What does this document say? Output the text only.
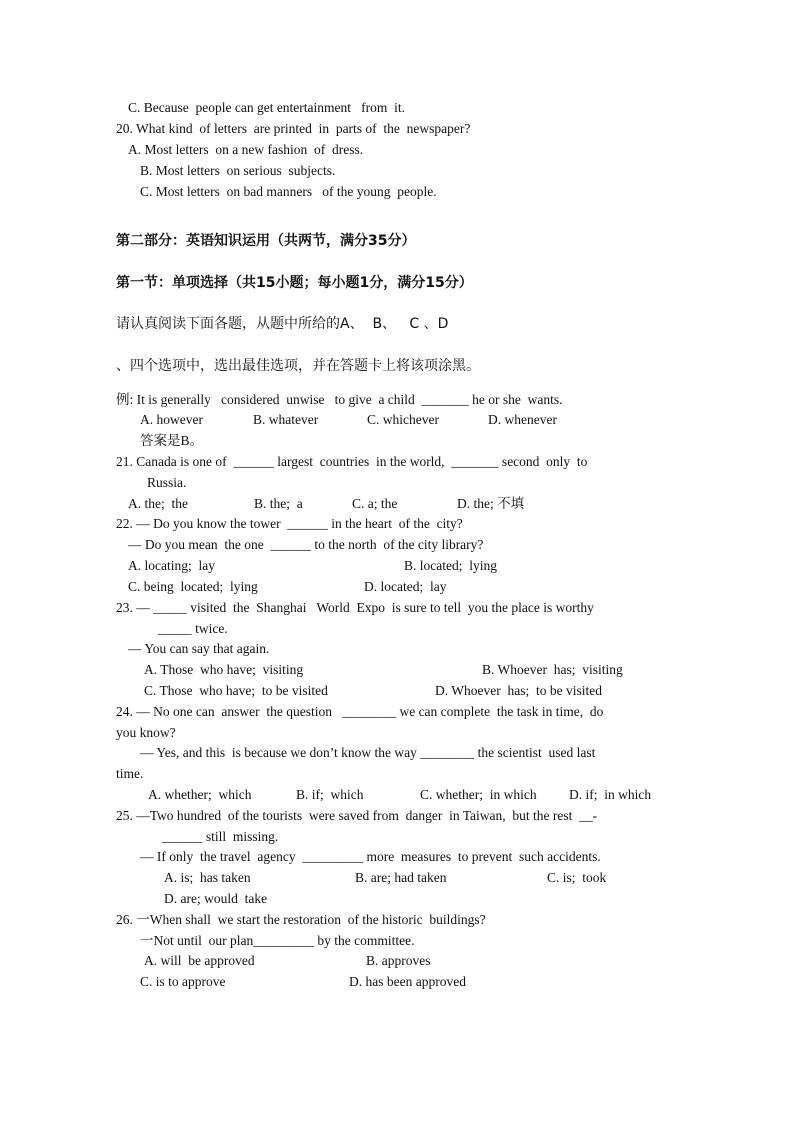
C. Because  people can get entertainment   from  it.
20. What kind  of letters  are printed  in  parts of  the  newspaper?
A. Most letters  on a new fashion  of  dress.
B. Most letters  on serious  subjects.
C. Most letters  on bad manners   of the young  people.
第二部分：英语知识运用（共两节，满分35分）
第一节：单项选择（共15小题；每小题1分，满分15分）
请认真阅读下面各题，从题中所给的A、  B、   C 、D
、四个选项中，选出最佳选项，并在答题卡上将该项涂黑。
例: It is generally   considered  unwise   to give  a child  _______ he or she  wants.
A. however	B. whatever	C. whichever	D. whenever
答案是B。
21. Canada is one of  ______ largest  countries  in the world,  _______ second  only  to
Russia.
A. the;  the	B. the;  a	C. a; the	D. the; 不填
22. — Do you know the tower  ______ in the heart  of the  city?
— Do you mean  the one  ______ to the north  of the city library?
A. locating;  lay	B. located;  lying
C. being  located;  lying	D. located;  lay
23. — _____ visited  the  Shanghai   World  Expo  is sure to tell  you the place is worthy
_____ twice.
— You can say that again.
A. Those  who have;  visiting	B. Whoever  has;  visiting
C. Those  who have;  to be visited	D. Whoever  has;  to be visited
24. — No one can  answer  the question   ________ we can complete  the task in time,  do
you know?
— Yes, and this  is because we don’t know the way ________ the scientist  used last
time.
A. whether;  which	B. if;  which	C. whether;  in which D. if;  in which
25. —Two hundred  of the tourists  were saved from  danger  in Taiwan,  but the rest  __-
______ still  missing.
— If only  the travel  agency  _________ more  measures  to prevent  such accidents.
A. is;  has taken	B. are; had taken	C. is;  took
D. are; would  take
26. 一When shall  we start the restoration  of the historic  buildings?
一Not until  our plan_________ by the committee.
A. will  be approved	B. approves
C. is to approve	D. has been approved
